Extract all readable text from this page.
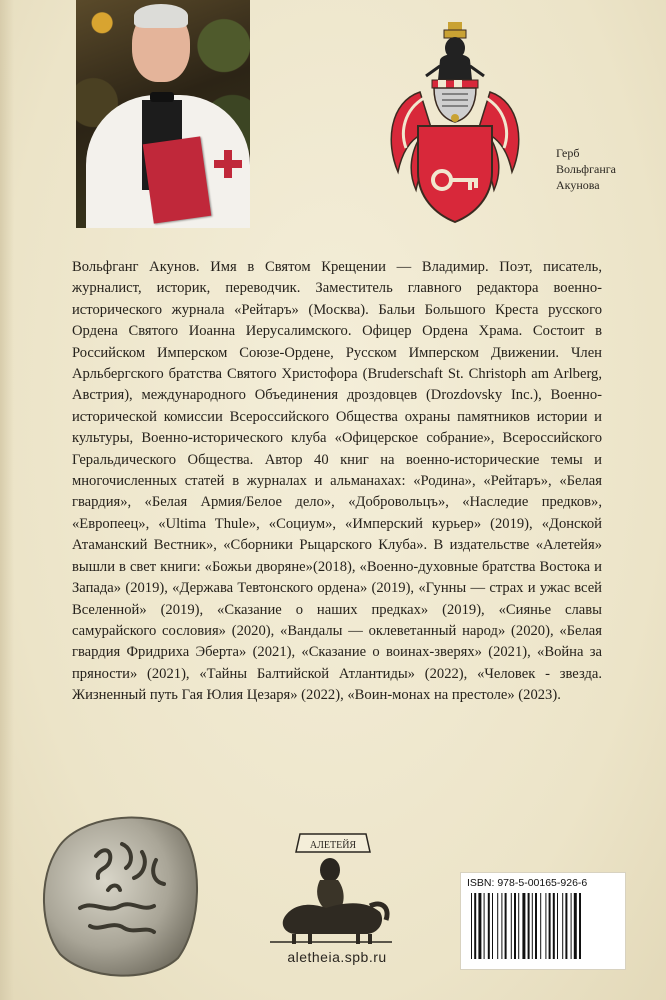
Герб
Вольфганга
Акунова

Вольфганг Акунов. Имя в Святом Крещении — Владимир. Поэт, писатель, журналист, историк, переводчик. Заместитель главного редактора военно-исторического журнала «Рейтаръ» (Москва). Бальи Большого Креста русского Ордена Святого Иоанна Иерусалимского. Офицер Ордена Храма. Состоит в Российском Имперском Союзе-Ордене, Русском Имперском Движении. Член Арльбергского братства Святого Христофора (Bruderschaft St. Christoph am Arlberg, Австрия), международного Объединения дроздовцев (Drozdovsky Inc.), Военно-исторической комиссии Всероссийского Общества охраны памятников истории и культуры, Военно-исторического клуба «Офицерское собрание», Всероссийского Геральдического Общества. Автор 40 книг на военно-исторические темы и многочисленных статей в журналах и альманахах: «Родина», «Рейтаръ», «Белая гвардия», «Белая Армия/Белое дело», «Добровольцъ», «Наследие предков», «Европеец», «Ultima Thule», «Социум», «Имперский курьер» (2019), «Донской Атаманский Вестник», «Сборники Рыцарского Клуба». В издательстве «Алетейя» вышли в свет книги: «Божьи дворяне»(2018), «Военно-духовные братства Востока и Запада» (2019), «Держава Тевтонского ордена» (2019), «Гунны — страх и ужас всей Вселенной» (2019), «Сказание о наших предках» (2019), «Сиянье славы самурайского сословия» (2020), «Вандалы — оклеветанный народ» (2020), «Белая гвардия Фридриха Эберта» (2021), «Сказание о воинах-зверях» (2021), «Война за пряности» (2021), «Тайны Балтийской Атлантиды» (2022), «Человек - звезда. Жизненный путь Гая Юлия Цезаря» (2022), «Воин-монах на престоле» (2023).

АЛЕТЕЙЯ
aletheia.spb.ru
ISBN: 978-5-00165-926-6
